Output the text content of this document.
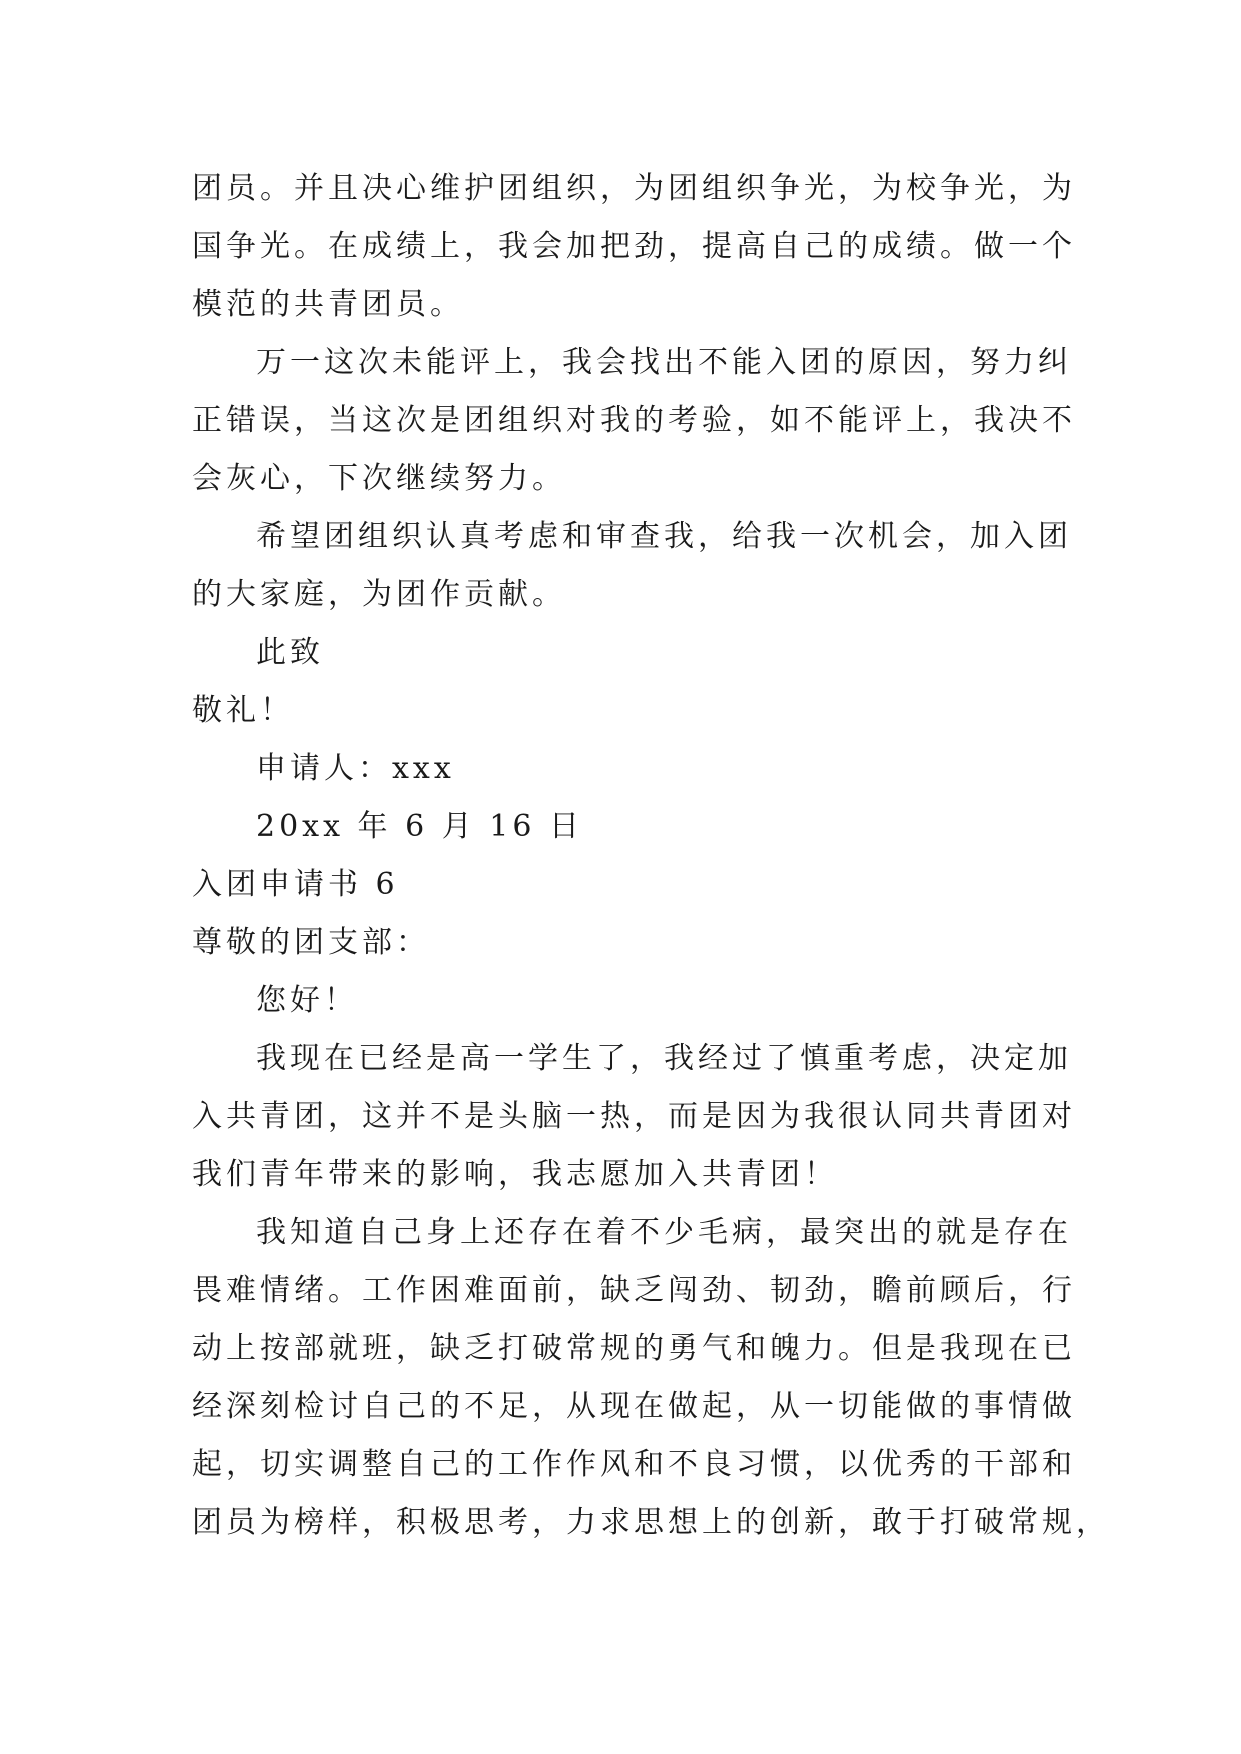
团员。并且决心维护团组织，为团组织争光，为校争光，为
国争光。在成绩上，我会加把劲，提高自己的成绩。做一个
模范的共青团员。
万一这次未能评上，我会找出不能入团的原因，努力纠
正错误，当这次是团组织对我的考验，如不能评上，我决不
会灰心，下次继续努力。
希望团组织认真考虑和审查我，给我一次机会，加入团
的大家庭，为团作贡献。
此致
敬礼！
申请人：xxx
20xx 年 6 月 16 日
入团申请书 6
尊敬的团支部：
您好！
我现在已经是高一学生了，我经过了慎重考虑，决定加
入共青团，这并不是头脑一热，而是因为我很认同共青团对
我们青年带来的影响，我志愿加入共青团！
我知道自己身上还存在着不少毛病，最突出的就是存在
畏难情绪。工作困难面前，缺乏闯劲、韧劲，瞻前顾后，行
动上按部就班，缺乏打破常规的勇气和魄力。但是我现在已
经深刻检讨自己的不足，从现在做起，从一切能做的事情做
起，切实调整自己的工作作风和不良习惯，以优秀的干部和
团员为榜样，积极思考，力求思想上的创新，敢于打破常规，
